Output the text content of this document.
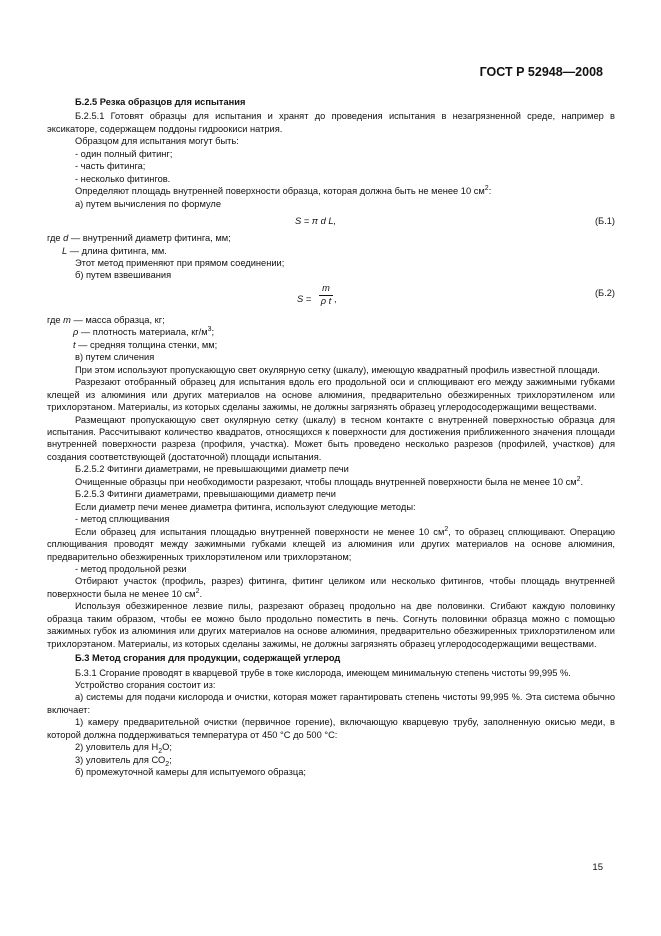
ГОСТ Р 52948—2008

Б.2.5 Резка образцов для испытания

Б.2.5.1 Готовят образцы для испытания и хранят до проведения испытания в незагрязненной среде, например в эксикаторе, содержащем поддоны гидроокиси натрия.

Образцом для испытания могут быть:

- один полный фитинг;

- часть фитинга;

- несколько фитингов.

Определяют площадь внутренней поверхности образца, которая должна быть не менее 10 $см^2$:

а) путем вычисления по формуле

S = π d L,	(Б.1)

где d — внутренний диаметр фитинга, мм;

L — длина фитинга, мм.

Этот метод применяют при прямом соединении;

б) путем взвешивания

$S = \frac{m}{\text{ρ t}}$ ,
(Б.2)

где m — масса образца, кг;

ρ — плотность материала, $кг/м^3$;

t — средняя толщина стенки, мм;

в) путем сличения

При этом используют пропускающую свет окулярную сетку (шкалу), имеющую квадратный профиль известной площади.

Разрезают отобранный образец для испытания вдоль его продольной оси и сплющивают его между зажимными губками клещей из алюминия или других материалов на основе алюминия, предварительно обезжиренных трихлорэтиленом или трихлорэтаном. Материалы, из которых сделаны зажимы, не должны загрязнять образец углеродосодержащими веществами.

Размещают пропускающую свет окулярную сетку (шкалу) в тесном контакте с внутренней поверхностью образца для испытания. Рассчитывают количество квадратов, относящихся к поверхности для достижения приближенного значения площади внутренней поверхности разреза (профиля, участка). Может быть проведено несколько разрезов (профилей, участков) для создания соответствующей (достаточной) площади испытания.

Б.2.5.2 Фитинги диаметрами, не превышающими диаметр печи

Очищенные образцы при необходимости разрезают, чтобы площадь внутренней поверхности была не менее 10 $см^2$.

Б.2.5.3 Фитинги диаметрами, превышающими диаметр печи

Если диаметр печи менее диаметра фитинга, используют следующие методы:

- метод сплющивания

Если образец для испытания площадью внутренней поверхности не менее 10 $см^2$, то образец сплющивают. Операцию сплющивания проводят между зажимными губками клещей из алюминия или других материалов на основе алюминия, предварительно обезжиренных трихлорэтиленом или трихлорэтаном;

- метод продольной резки

Отбирают участок (профиль, разрез) фитинга, фитинг целиком или несколько фитингов, чтобы площадь внутренней поверхности была не менее 10 $см^2$.

Используя обезжиренное лезвие пилы, разрезают образец продольно на две половинки. Сгибают каждую половинку образца таким образом, чтобы ее можно было продольно поместить в печь. Согнуть половинки образца можно с помощью зажимных губок из алюминия или других материалов на основе алюминия, предварительно обезжиренных трихлорэтиленом или трихлорэтаном. Материалы, из которых сделаны зажимы, не должны загрязнять образец углеродосодержащими веществами.

Б.3 Метод сгорания для продукции, содержащей углерод

Б.3.1 Сгорание проводят в кварцевой трубе в токе кислорода, имеющем минимальную степень чистоты 99,995 %.

Устройство сгорания состоит из:

а) системы для подачи кислорода и очистки, которая может гарантировать степень чистоты 99,995 %. Эта система обычно включает:

1) камеру предварительной очистки (первичное горение), включающую кварцевую трубу, заполненную окисью меди, в которой должна поддерживаться температура от 450 °С до 500 °С:

2) уловитель для $Н_2О$;

3) уловитель для $СО_2$;

б) промежуточной камеры для испытуемого образца;

15
